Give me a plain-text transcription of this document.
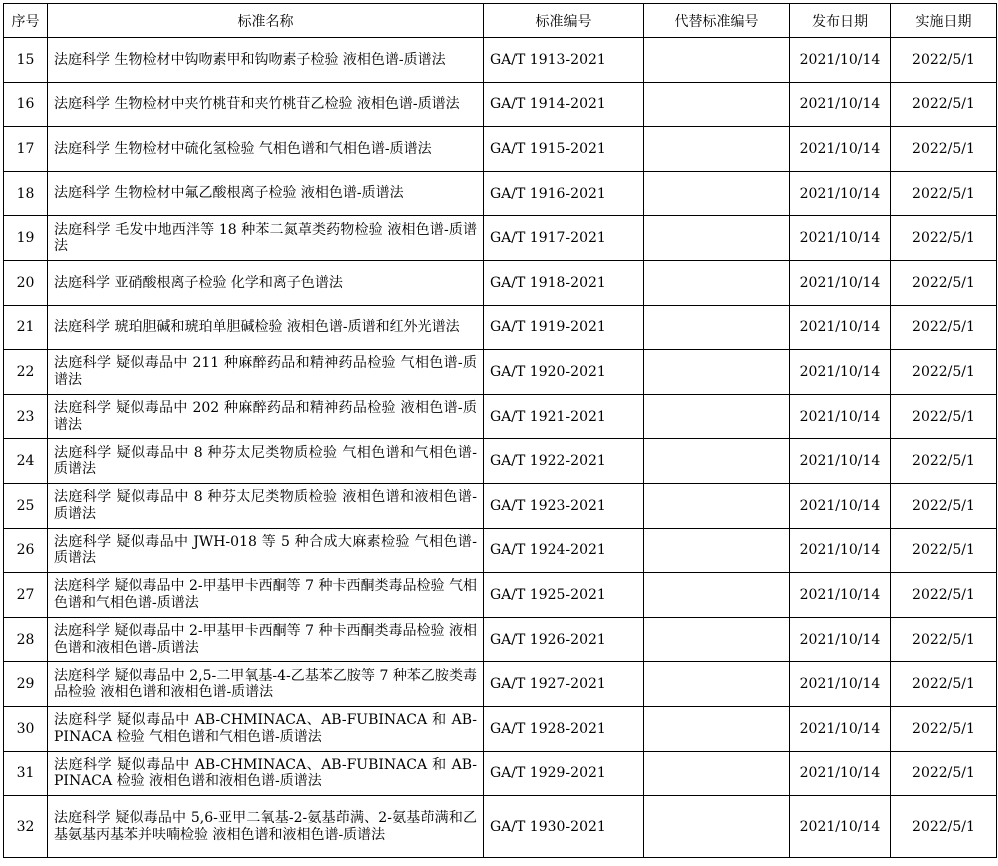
序号	标准名称	标准编号	代替标准编号	发布日期	实施日期
15	法庭科学 生物检材中钩吻素甲和钩吻素子检验 液相色谱-质谱法	GA/T 1913-2021		2021/10/14	2022/5/1
16	法庭科学 生物检材中夹竹桃苷和夹竹桃苷乙检验 液相色谱-质谱法	GA/T 1914-2021		2021/10/14	2022/5/1
17	法庭科学 生物检材中硫化氢检验 气相色谱和气相色谱-质谱法	GA/T 1915-2021		2021/10/14	2022/5/1
18	法庭科学 生物检材中氟乙酸根离子检验 液相色谱-质谱法	GA/T 1916-2021		2021/10/14	2022/5/1
19	法庭科学 毛发中地西泮等 18 种苯二氮䓬类药物检验 液相色谱-质谱法	GA/T 1917-2021		2021/10/14	2022/5/1
20	法庭科学 亚硝酸根离子检验 化学和离子色谱法	GA/T 1918-2021		2021/10/14	2022/5/1
21	法庭科学 琥珀胆碱和琥珀单胆碱检验 液相色谱-质谱和红外光谱法	GA/T 1919-2021		2021/10/14	2022/5/1
22	法庭科学 疑似毒品中 211 种麻醉药品和精神药品检验 气相色谱-质谱法	GA/T 1920-2021		2021/10/14	2022/5/1
23	法庭科学 疑似毒品中 202 种麻醉药品和精神药品检验 液相色谱-质谱法	GA/T 1921-2021		2021/10/14	2022/5/1
24	法庭科学 疑似毒品中 8 种芬太尼类物质检验 气相色谱和气相色谱-质谱法	GA/T 1922-2021		2021/10/14	2022/5/1
25	法庭科学 疑似毒品中 8 种芬太尼类物质检验 液相色谱和液相色谱-质谱法	GA/T 1923-2021		2021/10/14	2022/5/1
26	法庭科学 疑似毒品中 JWH-018 等 5 种合成大麻素检验 气相色谱-质谱法	GA/T 1924-2021		2021/10/14	2022/5/1
27	法庭科学 疑似毒品中 2-甲基甲卡西酮等 7 种卡西酮类毒品检验 气相色谱和气相色谱-质谱法	GA/T 1925-2021		2021/10/14	2022/5/1
28	法庭科学 疑似毒品中 2-甲基甲卡西酮等 7 种卡西酮类毒品检验 液相色谱和液相色谱-质谱法	GA/T 1926-2021		2021/10/14	2022/5/1
29	法庭科学 疑似毒品中 2,5-二甲氧基-4-乙基苯乙胺等 7 种苯乙胺类毒品检验 液相色谱和液相色谱-质谱法	GA/T 1927-2021		2021/10/14	2022/5/1
30	法庭科学 疑似毒品中 AB-CHMINACA、AB-FUBINACA 和 AB-PINACA 检验 气相色谱和气相色谱-质谱法	GA/T 1928-2021		2021/10/14	2022/5/1
31	法庭科学 疑似毒品中 AB-CHMINACA、AB-FUBINACA 和 AB-PINACA 检验 液相色谱和液相色谱-质谱法	GA/T 1929-2021		2021/10/14	2022/5/1
32	法庭科学 疑似毒品中 5,6-亚甲二氧基-2-氨基茚满、2-氨基茚满和乙基氨基丙基苯并呋喃检验 液相色谱和液相色谱-质谱法	GA/T 1930-2021		2021/10/14	2022/5/1
